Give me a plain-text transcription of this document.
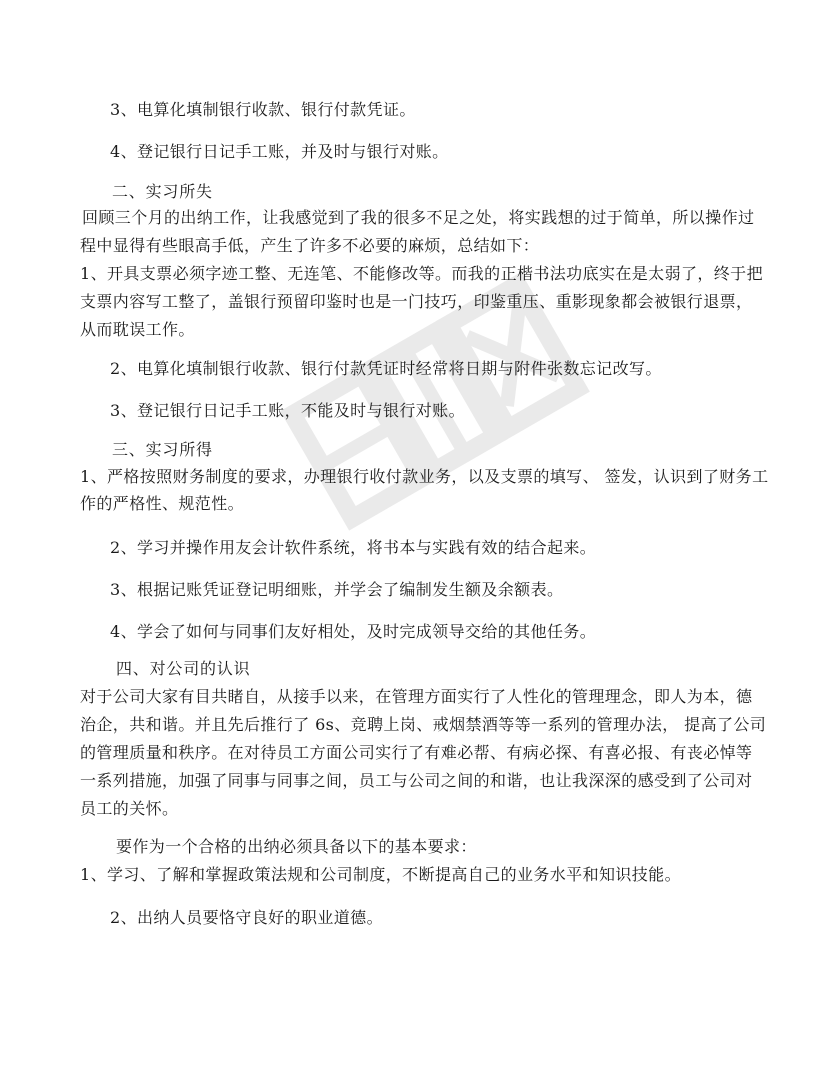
3、电算化填制银行收款、银行付款凭证。
4、登记银行日记手工账，并及时与银行对账。
二、实习所失
回顾三个月的出纳工作，让我感觉到了我的很多不足之处，将实践想的过于简单，所以操作过
程中显得有些眼高手低，产生了许多不必要的麻烦，总结如下：
1、开具支票必须字迹工整、无连笔、不能修改等。而我的正楷书法功底实在是太弱了，终于把
支票内容写工整了，盖银行预留印鉴时也是一门技巧，印鉴重压、重影现象都会被银行退票，
从而耽误工作。
2、电算化填制银行收款、银行付款凭证时经常将日期与附件张数忘记改写。
3、登记银行日记手工账，不能及时与银行对账。
三、实习所得
1、严格按照财务制度的要求，办理银行收付款业务，以及支票的填写、 签发，认识到了财务工
作的严格性、规范性。
2、学习并操作用友会计软件系统，将书本与实践有效的结合起来。
3、根据记账凭证登记明细账，并学会了编制发生额及余额表。
4、学会了如何与同事们友好相处，及时完成领导交给的其他任务。
四、对公司的认识
对于公司大家有目共睹自，从接手以来，在管理方面实行了人性化的管理理念，即人为本，德
治企，共和谐。并且先后推行了 6s、竞聘上岗、戒烟禁酒等等一系列的管理办法， 提高了公司
的管理质量和秩序。在对待员工方面公司实行了有难必帮、有病必探、有喜必报、有丧必悼等
一系列措施，加强了同事与同事之间，员工与公司之间的和谐，也让我深深的感受到了公司对
员工的关怀。
要作为一个合格的出纳必须具备以下的基本要求：
1、学习、了解和掌握政策法规和公司制度，不断提高自己的业务水平和知识技能。
2、出纳人员要恪守良好的职业道德。
